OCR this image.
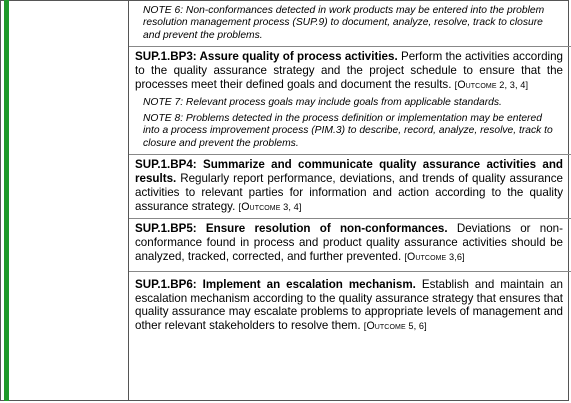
NOTE 6: Non-conformances detected in work products may be entered into the problem resolution management process (SUP.9) to document, analyze, resolve, track to closure and prevent the problems.
SUP.1.BP3: Assure quality of process activities. Perform the activities according to the quality assurance strategy and the project schedule to ensure that the processes meet their defined goals and document the results. [Outcome 2, 3, 4]
NOTE 7: Relevant process goals may include goals from applicable standards.
NOTE 8: Problems detected in the process definition or implementation may be entered into a process improvement process (PIM.3) to describe, record, analyze, resolve, track to closure and prevent the problems.
SUP.1.BP4: Summarize and communicate quality assurance activities and results. Regularly report performance, deviations, and trends of quality assurance activities to relevant parties for information and action according to the quality assurance strategy. [Outcome 3, 4]
SUP.1.BP5: Ensure resolution of non-conformances. Deviations or non-conformance found in process and product quality assurance activities should be analyzed, tracked, corrected, and further prevented. [Outcome 3,6]
SUP.1.BP6: Implement an escalation mechanism. Establish and maintain an escalation mechanism according to the quality assurance strategy that ensures that quality assurance may escalate problems to appropriate levels of management and other relevant stakeholders to resolve them. [Outcome 5, 6]
